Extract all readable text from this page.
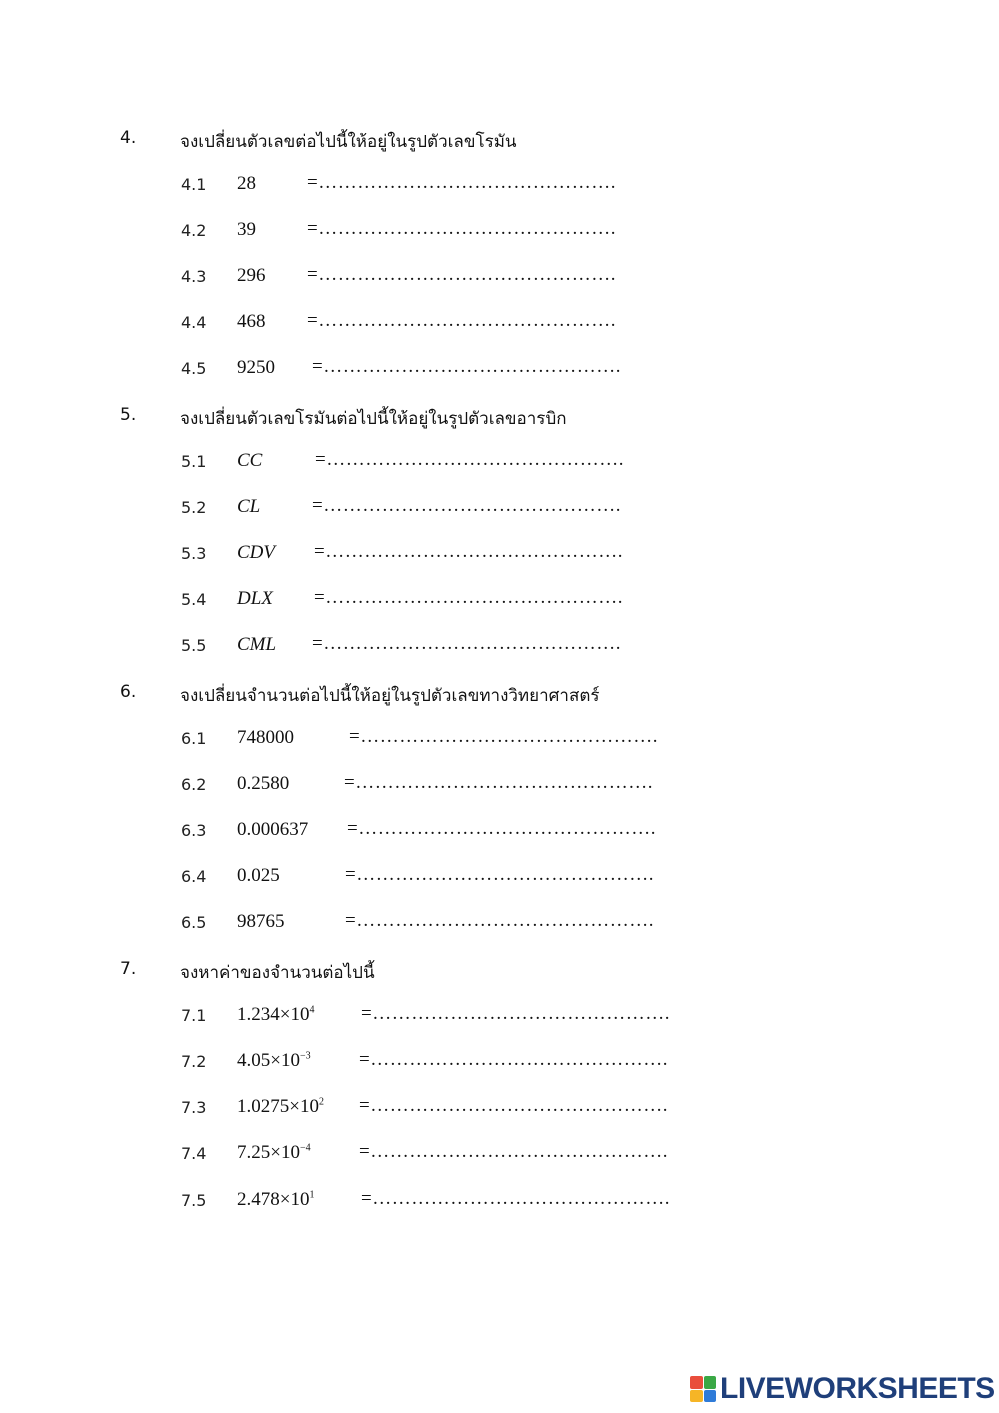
4.	จงเปลี่ยนตัวเลขต่อไปนี้ให้อยู่ในรูปตัวเลขโรมัน
4.1 28	=……………………………………….
4.2 39	=……………………………………….
4.3 296 =……………………………………….
4.4 468 =……………………………………….
4.5 9250 =……………………………………….
5.	จงเปลี่ยนตัวเลขโรมันต่อไปนี้ให้อยู่ในรูปตัวเลขอารบิก
5.1 CC	=……………………………………….
5.2 CL	=……………………………………….
5.3 CDV =……………………………………….
5.4 DLX =……………………………………….
5.5 CML =……………………………………….
6.	จงเปลี่ยนจำนวนต่อไปนี้ให้อยู่ในรูปตัวเลขทางวิทยาศาสตร์
6.1 748000	=……………………………………….
6.2 0.2580	=……………………………………….
6.3 0.000637 =……………………………………….
6.4 0.025	=……………………………………….
6.5 98765	=……………………………………….
7.	จงหาค่าของจำนวนต่อไปนี้
7.1 $1.234\times 10^4$ =……………………………………….
7.2 $4.05\times 10^{-3}$	=……………………………………….
7.3 $1.0275\times 10^2$ =……………………………………….
7.4 $7.25\times 10^{-4}$	=……………………………………….
7.5 $2.478\times 10^1$ =……………………………………….
LIVEWORKSHEETS
